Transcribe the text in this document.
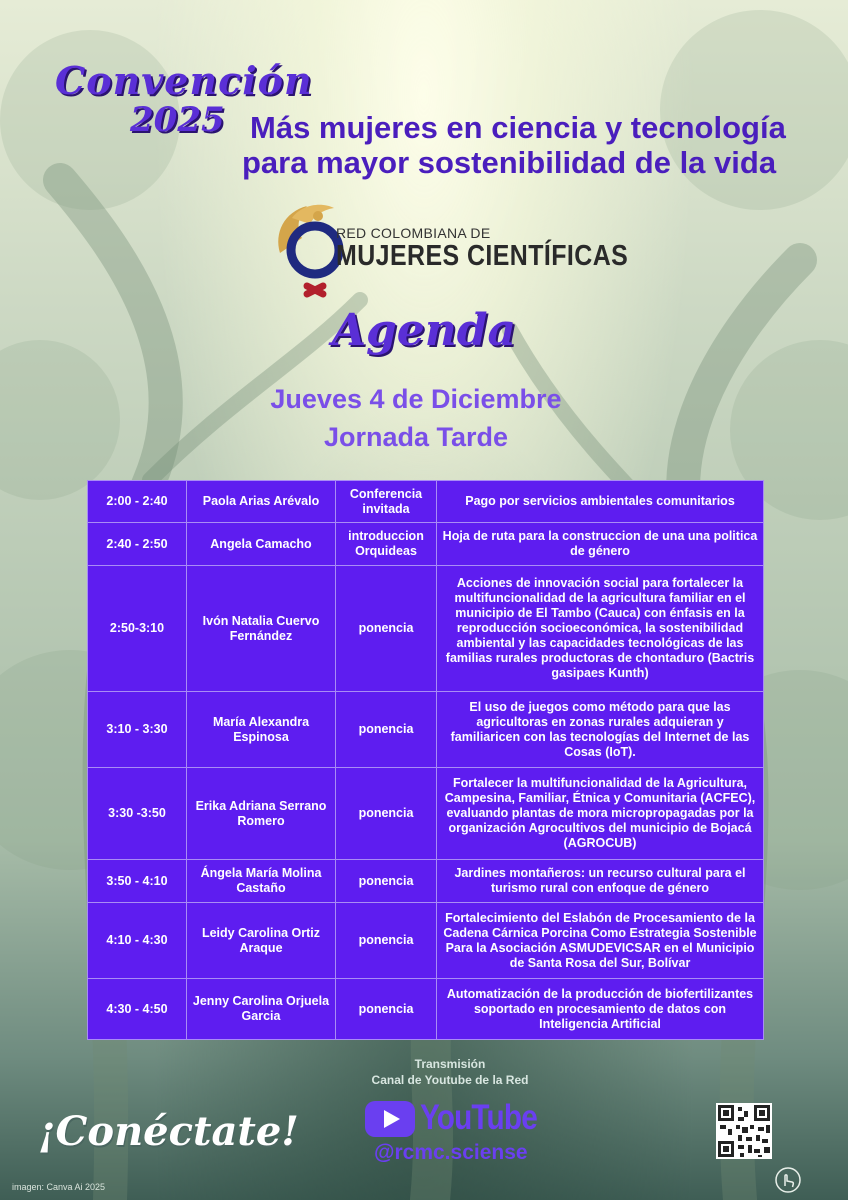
Convención
2025 Más mujeres en ciencia y tecnología
para mayor sostenibilidad de la vida
RED COLOMBIANA DE
MUJERES CIENTÍFICAS
Agenda
Jueves 4 de Diciembre
Jornada Tarde
2:00 - 2:40	Paola Arias Arévalo	Conferencia invitada	Pago por servicios ambientales comunitarios
2:40 - 2:50	Angela Camacho	introduccion Orquideas	Hoja de ruta para la construccion de una una politica de género
2:50-3:10	Ivón Natalia Cuervo Fernández	ponencia	Acciones de innovación social para fortalecer la multifuncionalidad de la agricultura familiar en el municipio de El Tambo (Cauca) con énfasis en la reproducción socioeconómica, la sostenibilidad ambiental y las capacidades tecnológicas de las familias rurales productoras de chontaduro (Bactris gasipaes Kunth)
3:10 - 3:30	María Alexandra Espinosa	ponencia	El uso de juegos como método para que las agricultoras en zonas rurales adquieran y familiaricen con las tecnologías del Internet de las Cosas (IoT).
3:30 -3:50	Erika Adriana Serrano Romero	ponencia	Fortalecer la multifuncionalidad de la Agricultura, Campesina, Familiar, Étnica y Comunitaria (ACFEC), evaluando plantas de mora micropropagadas por la organización Agrocultivos del municipio de Bojacá (AGROCUB)
3:50 - 4:10	Ángela María Molina Castaño	ponencia	Jardines montañeros: un recurso cultural para el turismo rural con enfoque de género
4:10 - 4:30	Leidy Carolina Ortiz Araque	ponencia	Fortalecimiento del Eslabón de Procesamiento de la Cadena Cárnica Porcina Como Estrategia Sostenible Para la Asociación ASMUDEVICSAR en el Municipio de Santa Rosa del Sur, Bolívar
4:30 - 4:50	Jenny Carolina Orjuela Garcia	ponencia	Automatización de la producción de biofertilizantes soportado en procesamiento de datos con Inteligencia Artificial
Transmisión
Canal de Youtube de la Red
YouTube
@rcmc.sciense
¡Conéctate!
imagen: Canva Ai 2025
